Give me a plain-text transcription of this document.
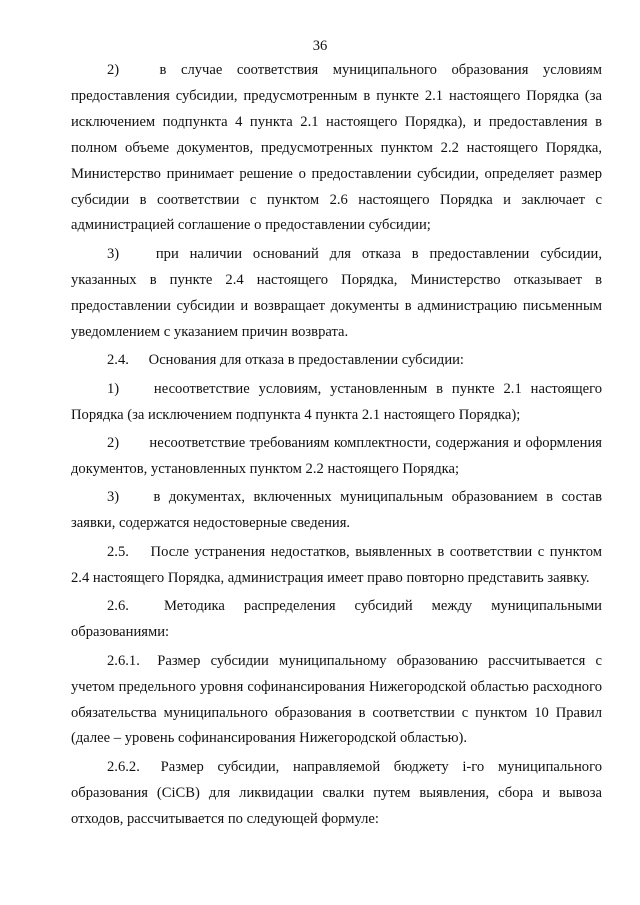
36

2)	в случае соответствия муниципального образования условиям предоставления субсидии, предусмотренным в пункте 2.1 настоящего Порядка (за исключением подпункта 4 пункта 2.1 настоящего Порядка), и предоставления в полном объеме документов, предусмотренных пунктом 2.2 настоящего Порядка, Министерство принимает решение о предоставлении субсидии, определяет размер субсидии в соответствии с пунктом 2.6 настоящего Порядка и заключает с администрацией соглашение о предоставлении субсидии;

3)	при наличии оснований для отказа в предоставлении субсидии, указанных в пункте 2.4 настоящего Порядка, Министерство отказывает в предоставлении субсидии и возвращает документы в администрацию письменным уведомлением с указанием причин возврата.

2.4. Основания для отказа в предоставлении субсидии:

1) несоответствие условиям, установленным в пункте 2.1 настоящего Порядка (за исключением подпункта 4 пункта 2.1 настоящего Порядка);

2) несоответствие требованиям комплектности, содержания и оформления документов, установленных пунктом 2.2 настоящего Порядка;

3) в документах, включенных муниципальным образованием в состав заявки, содержатся недостоверные сведения.

2.5. После устранения недостатков, выявленных в соответствии с пунктом 2.4 настоящего Порядка, администрация имеет право повторно представить заявку.

2.6. Методика распределения субсидий между муниципальными образованиями:

2.6.1. Размер субсидии муниципальному образованию рассчитывается с учетом предельного уровня софинансирования Нижегородской областью расходного обязательства муниципального образования в соответствии с пунктом 10 Правил (далее – уровень софинансирования Нижегородской областью).

2.6.2. Размер субсидии, направляемой бюджету i-го муниципального образования (CiСВ) для ликвидации свалки путем выявления, сбора и вывоза отходов, рассчитывается по следующей формуле:
